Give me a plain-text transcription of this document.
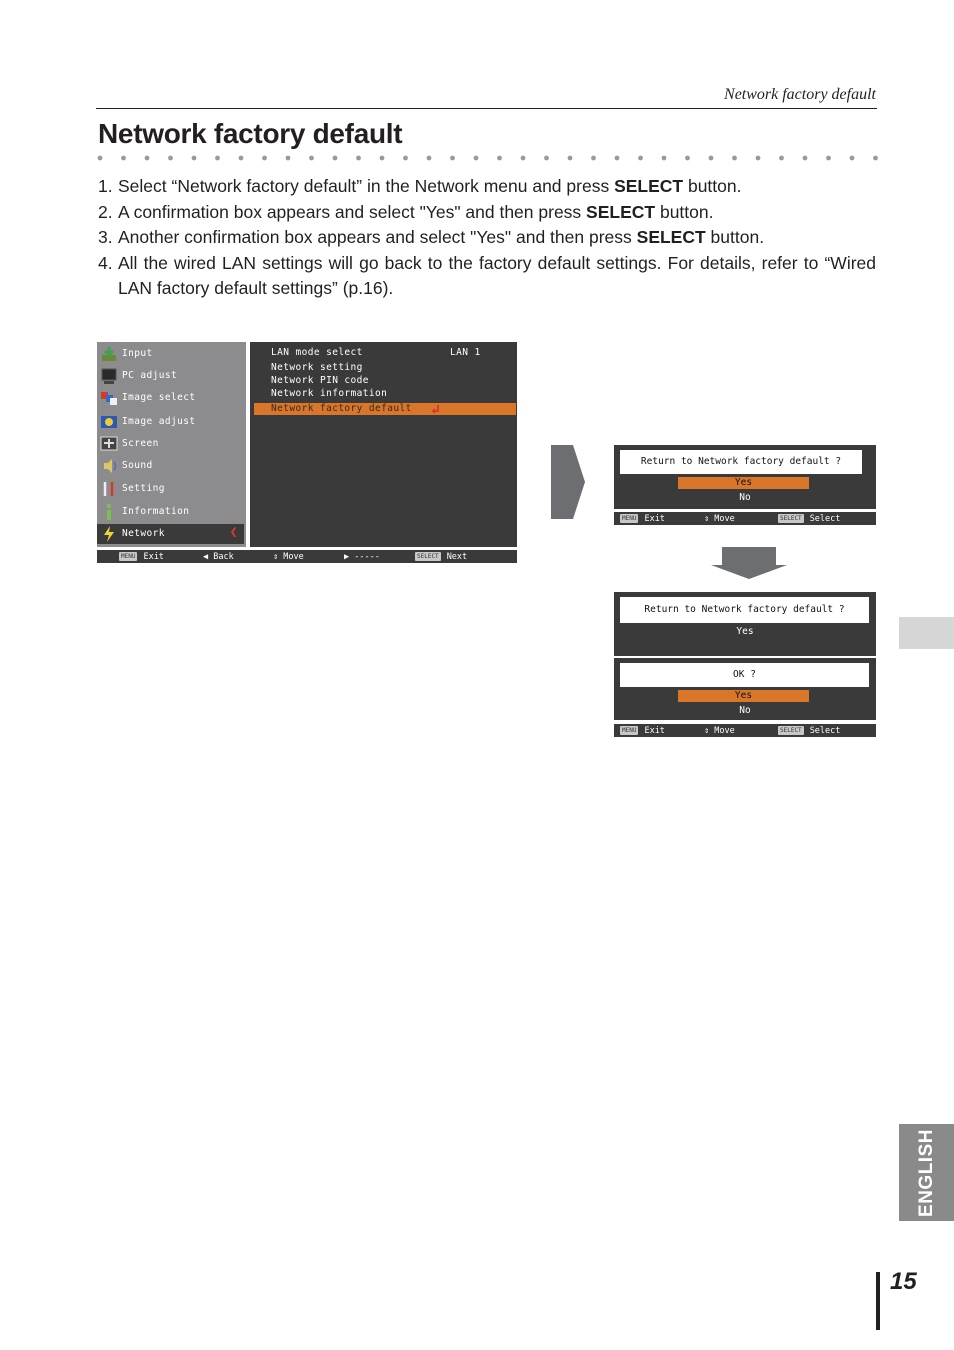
Network factory default
Network factory default
1. Select “Network factory default” in the Network menu and press SELECT button.
2. A confirmation box appears and select "Yes" and then press SELECT button.
3. Another confirmation box appears and select "Yes" and then press SELECT button.
4. All the wired LAN settings will go back to the factory default settings. For details, refer to “Wired LAN factory default settings” (p.16).
Input
PC adjust
Image select
Image adjust
Screen
Sound
Setting
Information
Network	❮
LAN mode select	LAN 1
Network setting
Network PIN code
Network information
Network factory default
MENU Exit	◀ Back	⇕ Move	▶ -----	SELECT Next
Return to Network factory default ?
Yes
No
MENU Exit	⇕ Move	SELECT Select
Return to Network factory default ?
Yes
OK ?
Yes
No
MENU Exit	⇕ Move	SELECT Select
ENGLISH
15
